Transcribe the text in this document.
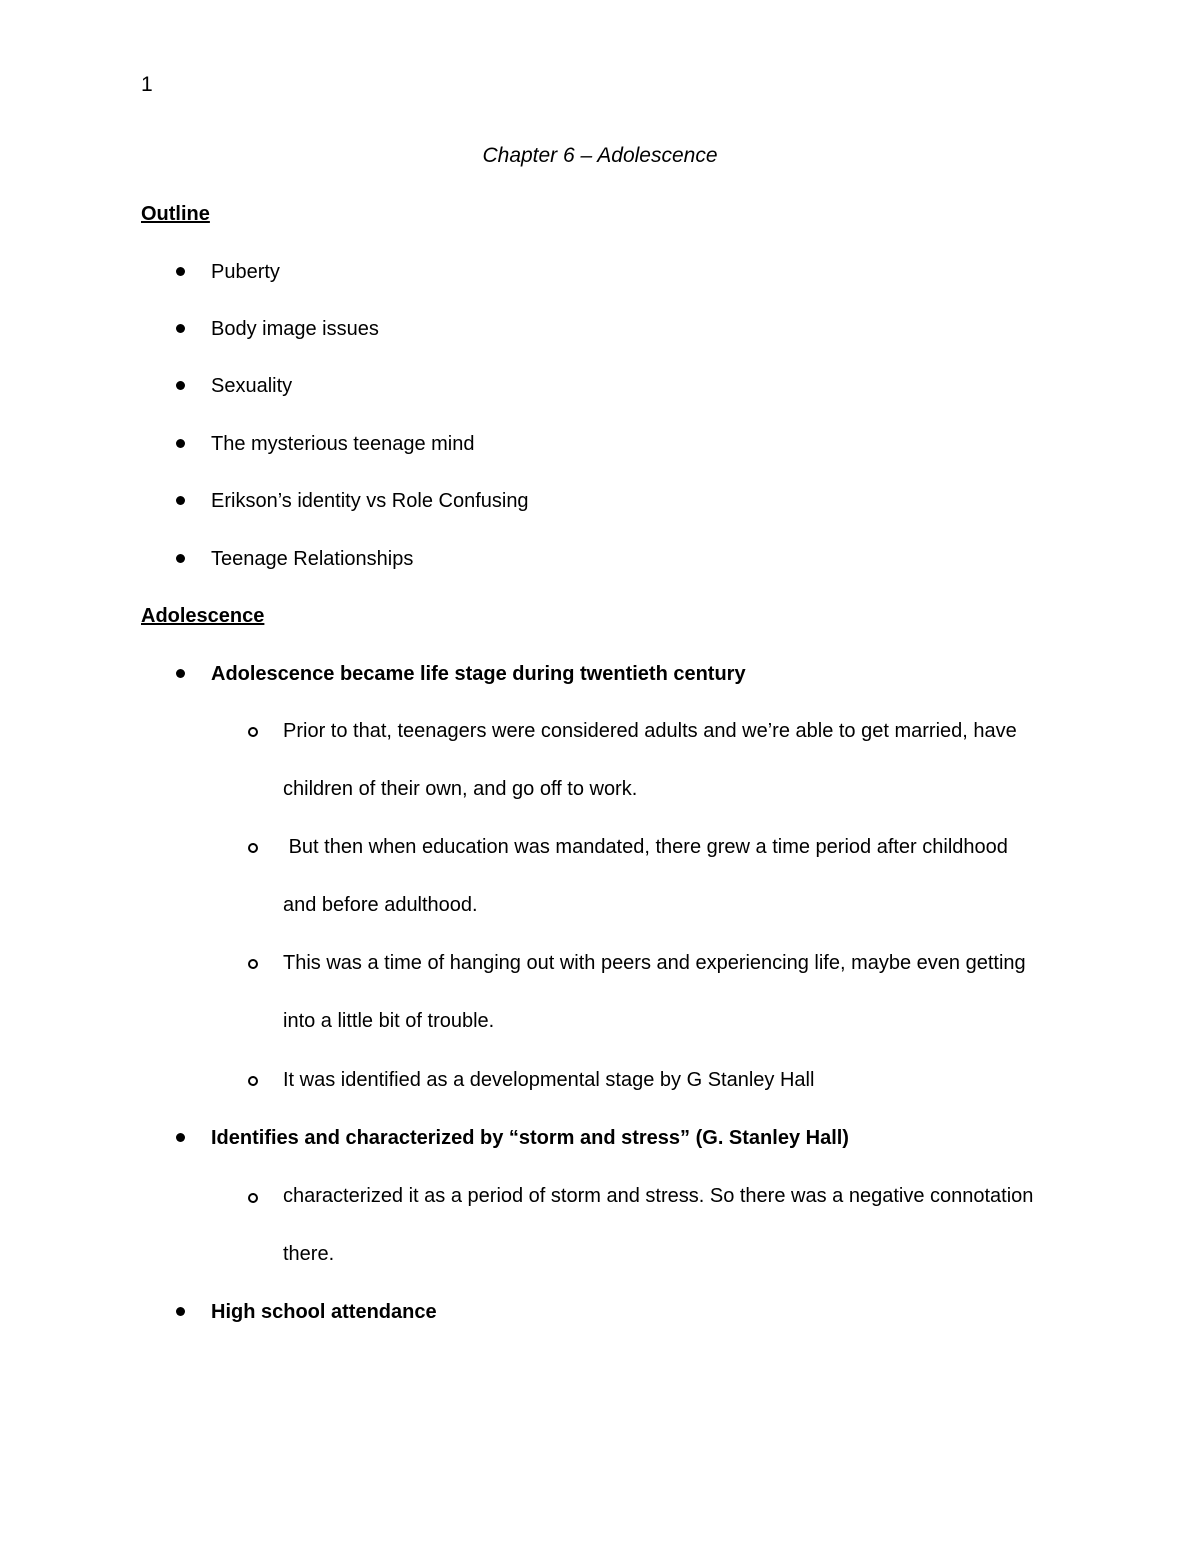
1
Chapter 6 – Adolescence
Outline
Puberty
Body image issues
Sexuality
The mysterious teenage mind
Erikson’s identity vs Role Confusing
Teenage Relationships
Adolescence
Adolescence became life stage during twentieth century
Prior to that, teenagers were considered adults and we’re able to get married, have children of their own, and go off to work.
But then when education was mandated, there grew a time period after childhood and before adulthood.
This was a time of hanging out with peers and experiencing life, maybe even getting into a little bit of trouble.
It was identified as a developmental stage by G Stanley Hall
Identifies and characterized by “storm and stress” (G. Stanley Hall)
characterized it as a period of storm and stress. So there was a negative connotation there.
High school attendance
